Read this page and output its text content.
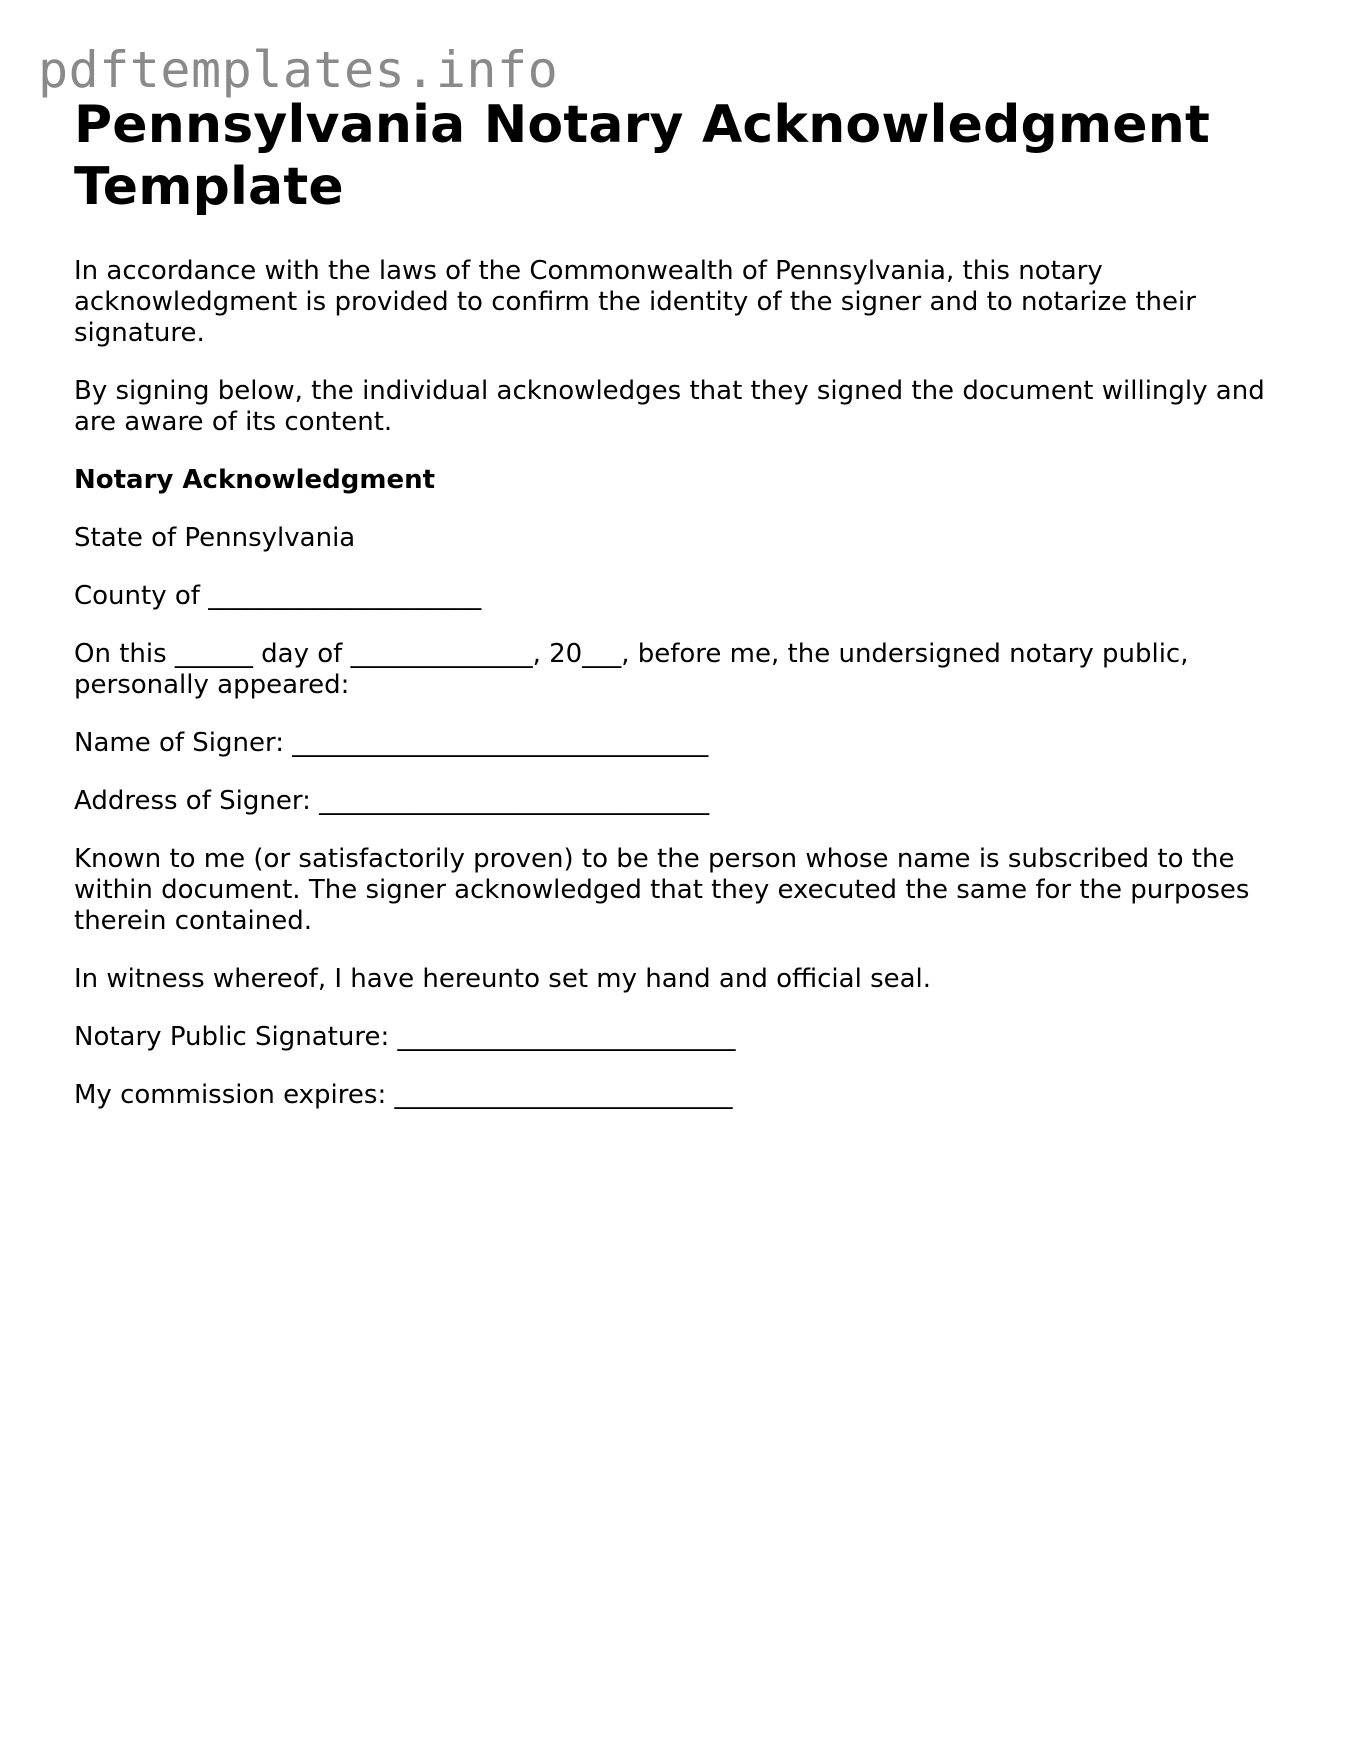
pdftemplates.info
Pennsylvania Notary Acknowledgment Template

In accordance with the laws of the Commonwealth of Pennsylvania, this notary acknowledgment is provided to confirm the identity of the signer and to notarize their signature.

By signing below, the individual acknowledges that they signed the document willingly and are aware of its content.

Notary Acknowledgment

State of Pennsylvania

County of _____________________

On this ______ day of ______________, 20___, before me, the undersigned notary public, personally appeared:

Name of Signer: ________________________________

Address of Signer: ______________________________

Known to me (or satisfactorily proven) to be the person whose name is subscribed to the within document. The signer acknowledged that they executed the same for the purposes therein contained.

In witness whereof, I have hereunto set my hand and official seal.

Notary Public Signature: __________________________

My commission expires: __________________________
